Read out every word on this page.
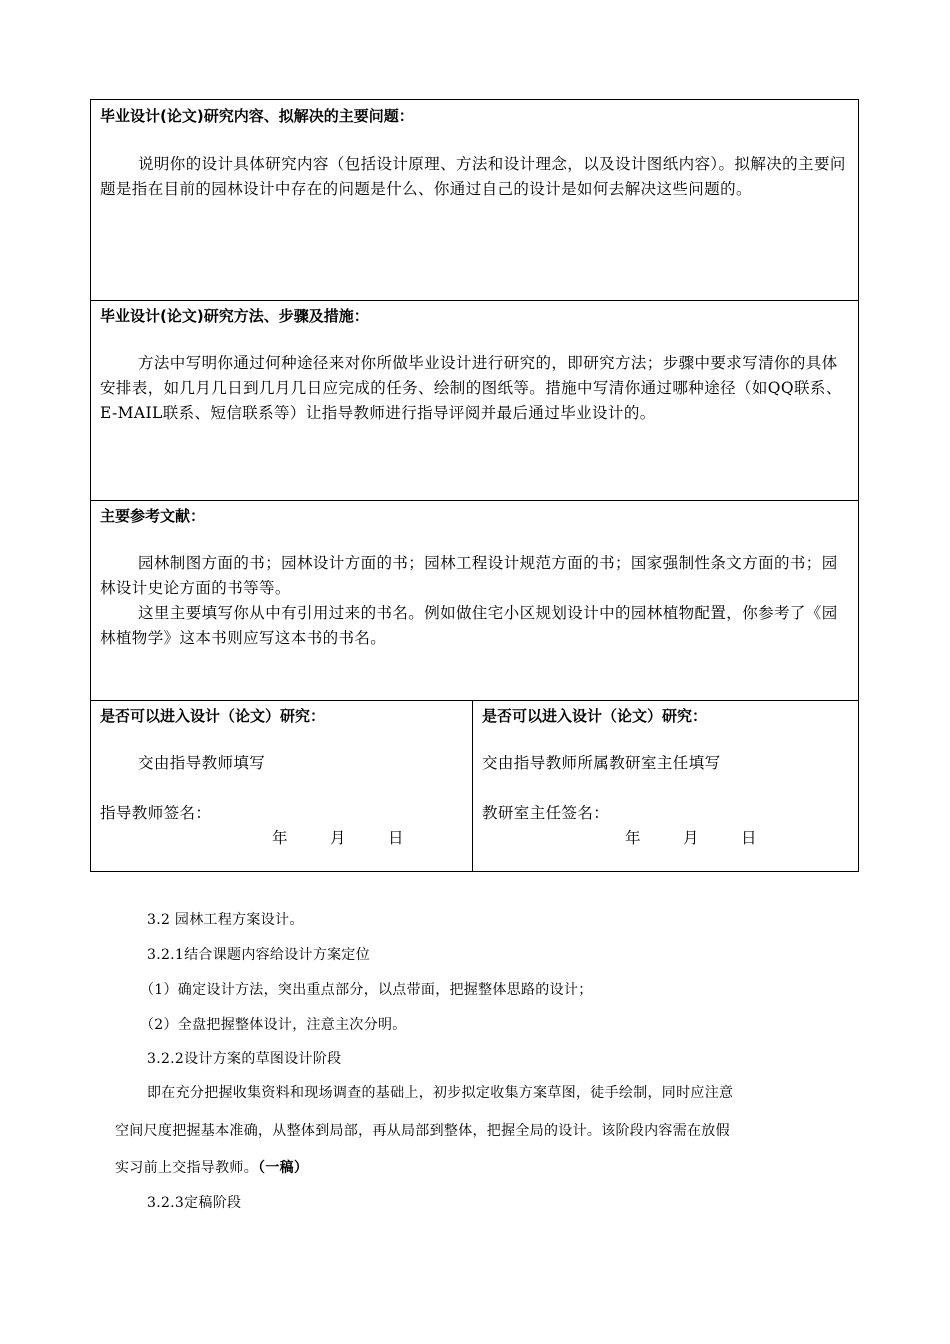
毕业设计(论文)研究内容、拟解决的主要问题：
说明你的设计具体研究内容（包括设计原理、方法和设计理念，以及设计图纸内容）。拟解决的主要问题是指在目前的园林设计中存在的问题是什么、你通过自己的设计是如何去解决这些问题的。
毕业设计(论文)研究方法、步骤及措施：
方法中写明你通过何种途径来对你所做毕业设计进行研究的，即研究方法；步骤中要求写清你的具体安排表，如几月几日到几月几日应完成的任务、绘制的图纸等。措施中写清你通过哪种途径（如QQ联系、E-MAIL联系、短信联系等）让指导教师进行指导评阅并最后通过毕业设计的。
主要参考文献：
园林制图方面的书；园林设计方面的书；园林工程设计规范方面的书；国家强制性条文方面的书；园林设计史论方面的书等等。
这里主要填写你从中有引用过来的书名。例如做住宅小区规划设计中的园林植物配置，你参考了《园林植物学》这本书则应写这本书的书名。
是否可以进入设计（论文）研究：
交由指导教师填写
指导教师签名：
年	月	日
是否可以进入设计（论文）研究：
交由指导教师所属教研室主任填写
教研室主任签名：
年	月	日
3.2 园林工程方案设计。
3.2.1结合课题内容给设计方案定位
（1）确定设计方法，突出重点部分，以点带面，把握整体思路的设计；
（2）全盘把握整体设计，注意主次分明。
3.2.2设计方案的草图设计阶段
即在充分把握收集资料和现场调查的基础上，初步拟定收集方案草图，徒手绘制，同时应注意
空间尺度把握基本准确，从整体到局部，再从局部到整体，把握全局的设计。该阶段内容需在放假
实习前上交指导教师。（一稿）
3.2.3定稿阶段
